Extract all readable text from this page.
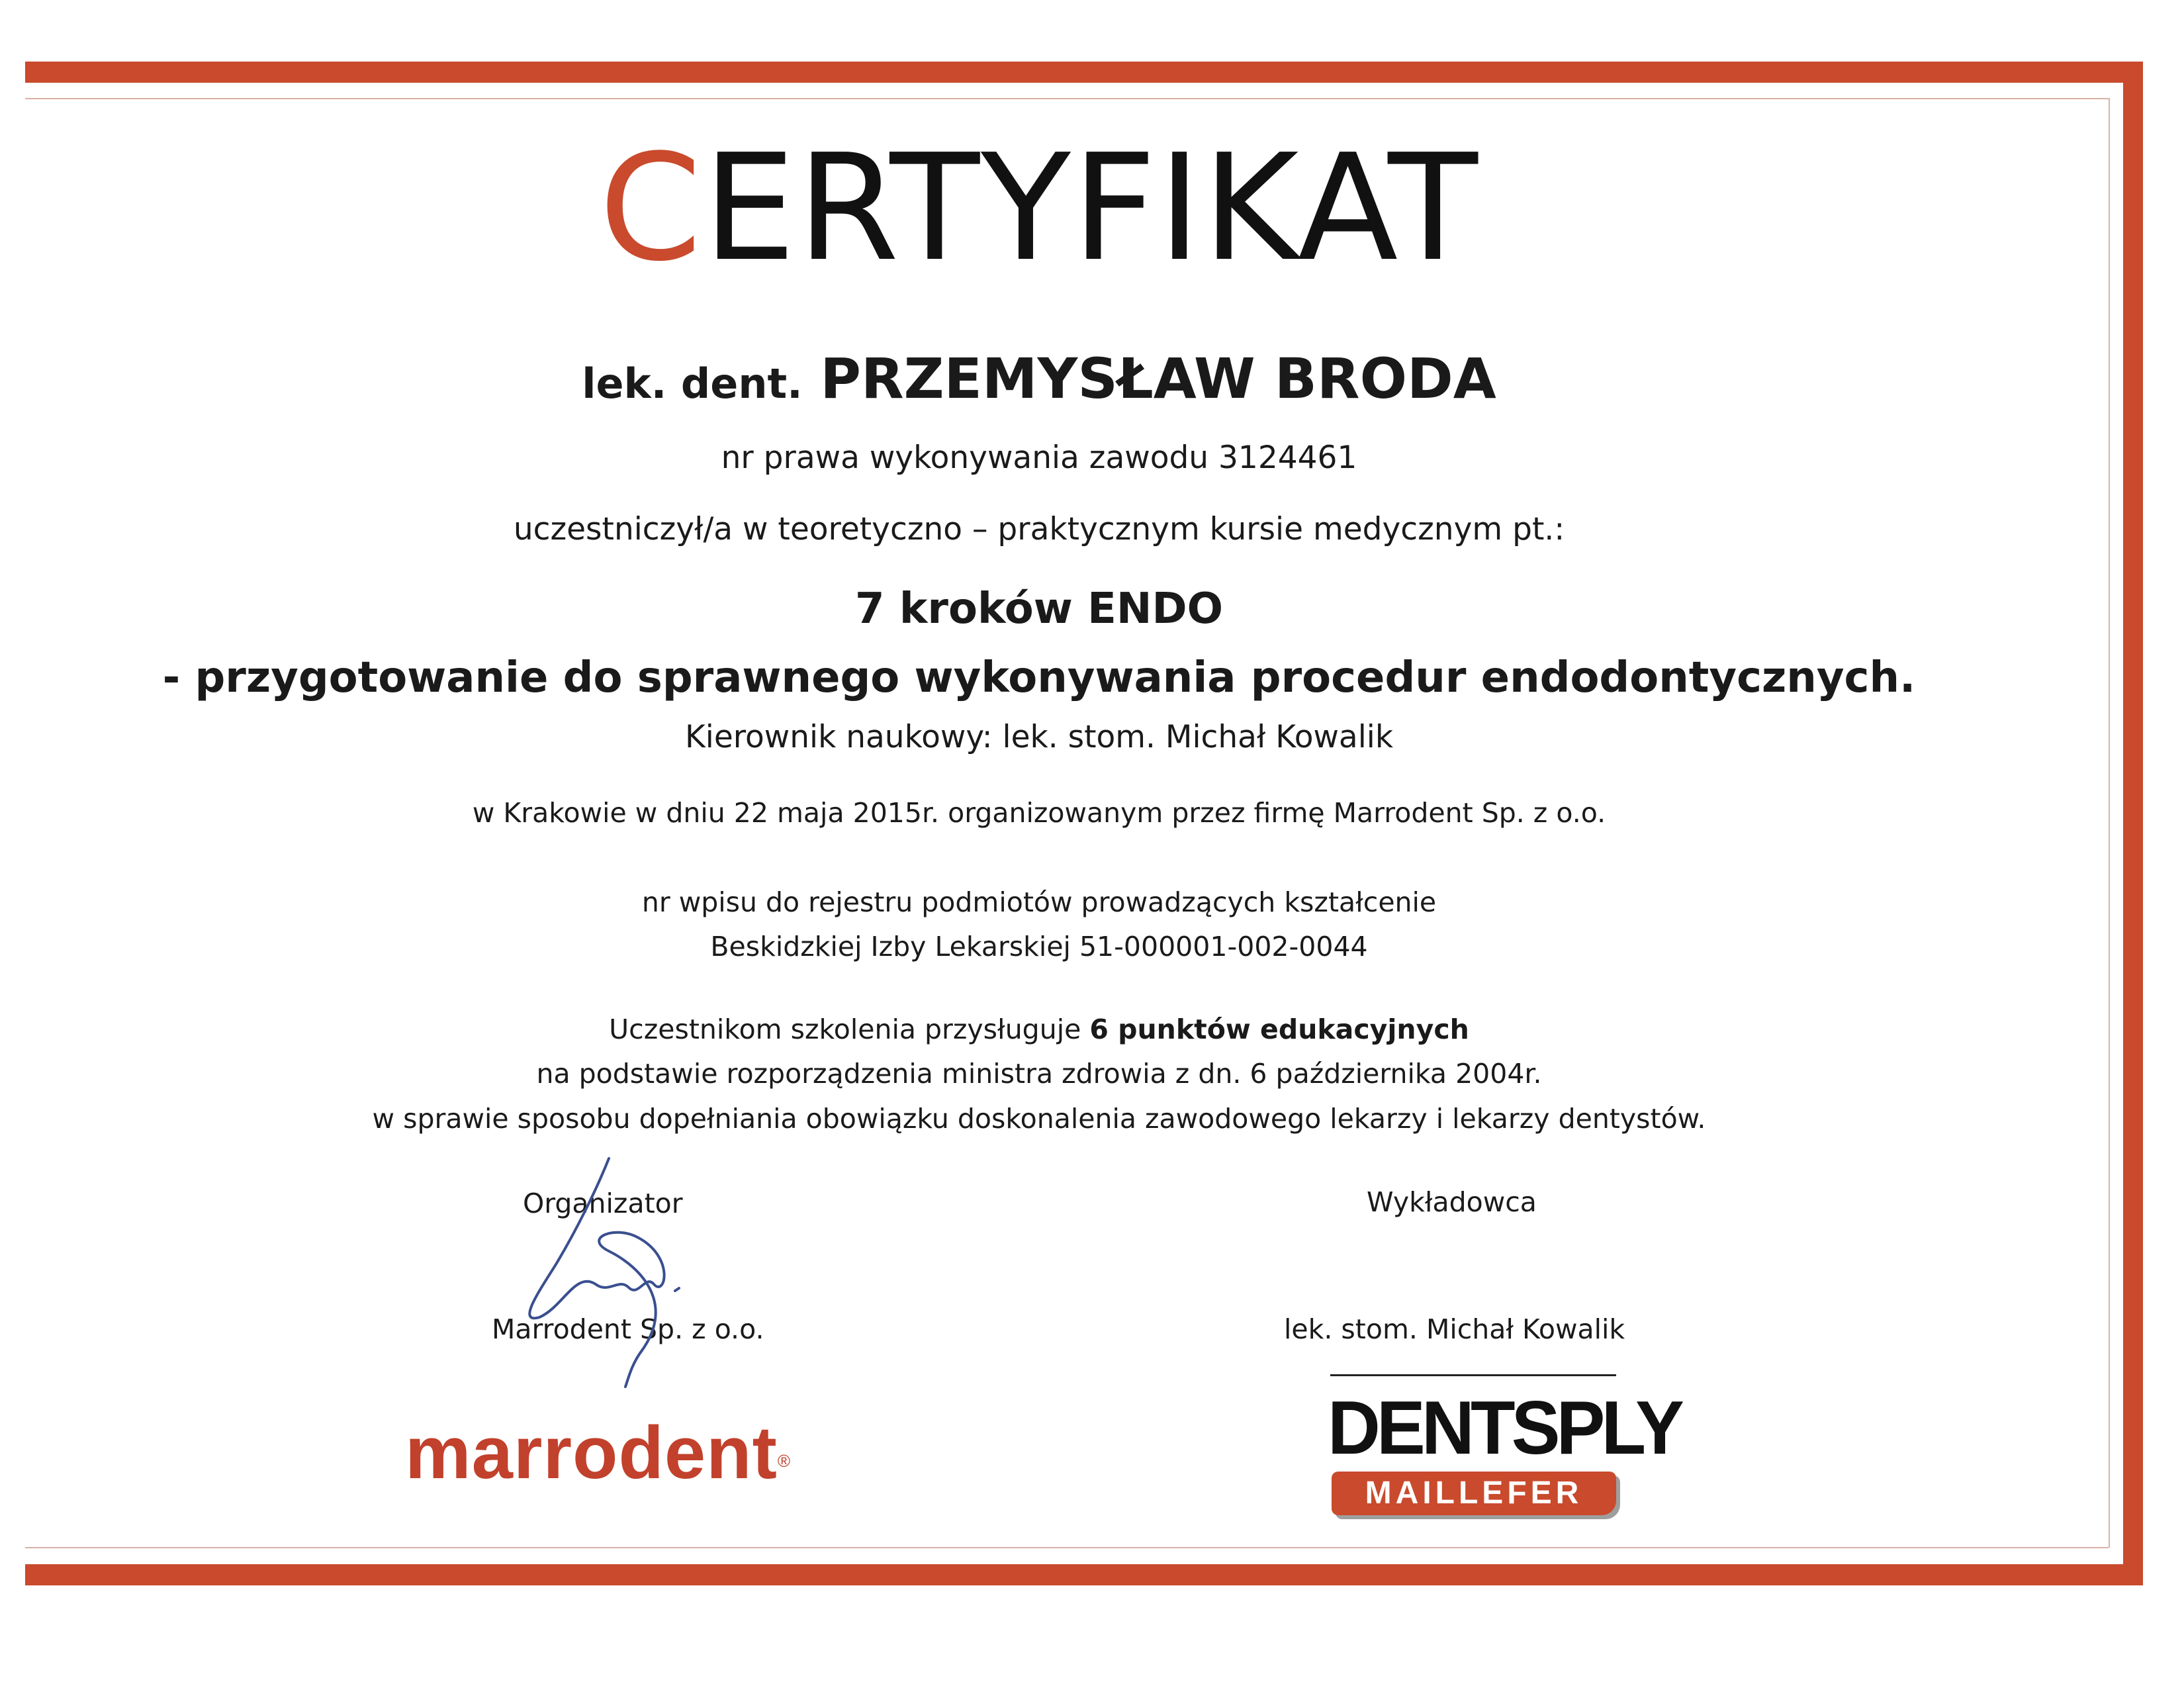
CERTYFIKAT
lek. dent. PRZEMYSŁAW BRODA
nr prawa wykonywania zawodu 3124461
uczestniczył/a w teoretyczno – praktycznym kursie medycznym pt.:
7 kroków ENDO
- przygotowanie do sprawnego wykonywania procedur endodontycznych.
Kierownik naukowy: lek. stom. Michał Kowalik
w Krakowie w dniu 22 maja 2015r. organizowanym przez firmę Marrodent Sp. z o.o.
nr wpisu do rejestru podmiotów prowadzących kształcenie
Beskidzkiej Izby Lekarskiej 51-000001-002-0044
Uczestnikom szkolenia przysługuje 6 punktów edukacyjnych
na podstawie rozporządzenia ministra zdrowia z dn. 6 października 2004r.
w sprawie sposobu dopełniania obowiązku doskonalenia zawodowego lekarzy i lekarzy dentystów.
Organizator
Marrodent Sp. z o.o.
Wykładowca
lek. stom. Michał Kowalik
marrodent®	DENTSPLY
MAILLEFER
